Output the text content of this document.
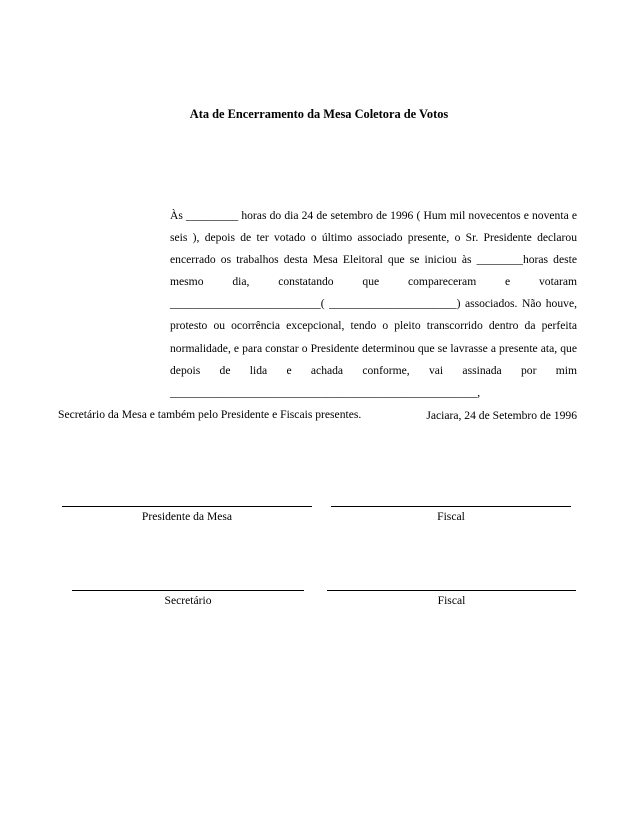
Ata de Encerramento da Mesa Coletora de Votos

Às _________ horas do dia 24 de setembro de 1996 ( Hum mil novecentos e noventa e seis ), depois de ter votado o último associado presente, o Sr. Presidente declarou encerrado os trabalhos desta Mesa Eleitoral que se iniciou às ________horas deste mesmo dia, constatando que compareceram e votaram __________________________( ______________________) associados. Não houve, protesto ou ocorrência excepcional, tendo o pleito transcorrido dentro da perfeita normalidade, e para constar o Presidente determinou que se lavrasse a presente ata, que depois de lida e achada conforme, vai assinada por mim _____________________________________________________,

Secretário da Mesa e também pelo Presidente e Fiscais presentes.	Jaciara, 24 de Setembro de 1996

Presidente da Mesa	Fiscal
Secretário	Fiscal
